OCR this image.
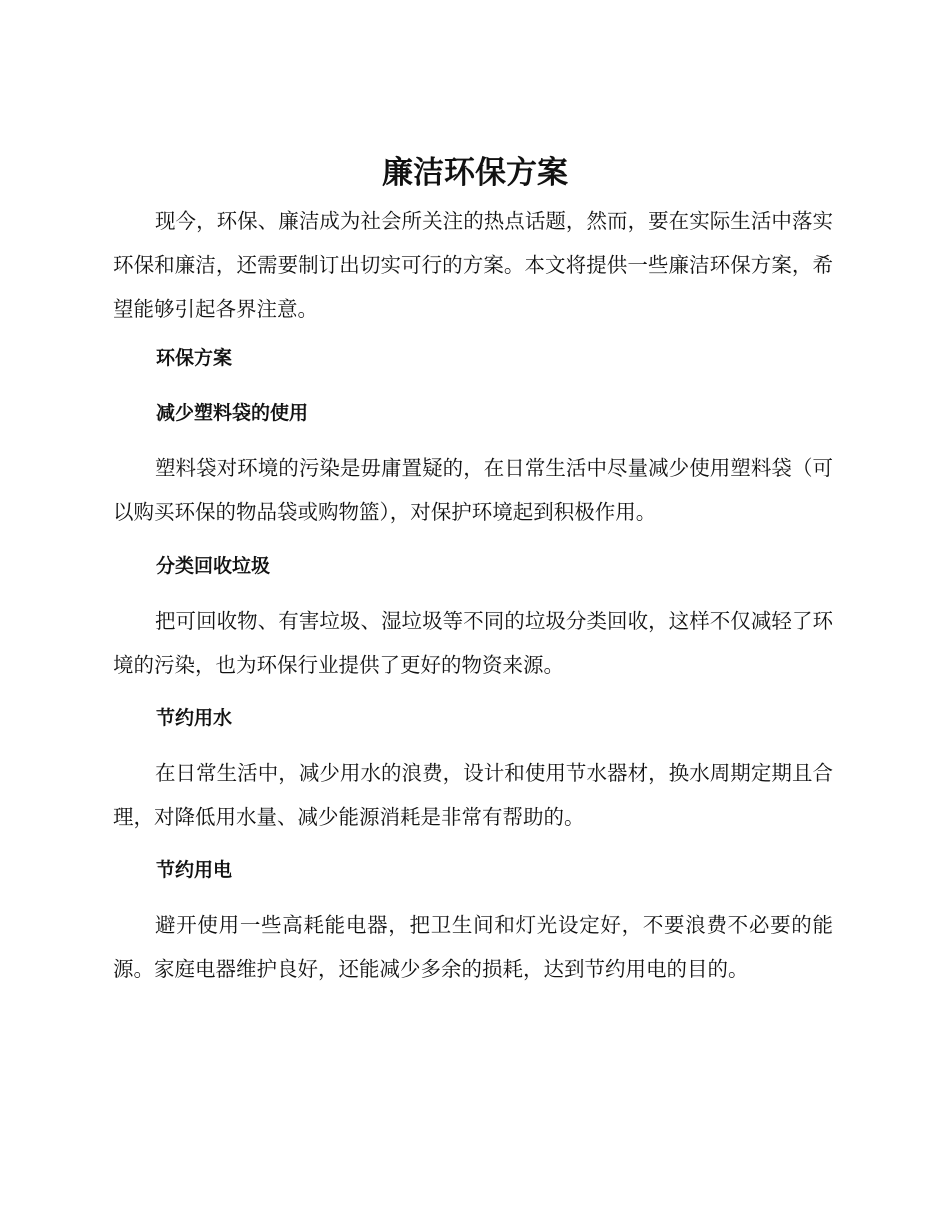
廉洁环保方案

现今，环保、廉洁成为社会所关注的热点话题，然而，要在实际生活中落实环保和廉洁，还需要制订出切实可行的方案。本文将提供一些廉洁环保方案，希望能够引起各界注意。

环保方案
减少塑料袋的使用

塑料袋对环境的污染是毋庸置疑的，在日常生活中尽量减少使用塑料袋（可以购买环保的物品袋或购物篮），对保护环境起到积极作用。

分类回收垃圾

把可回收物、有害垃圾、湿垃圾等不同的垃圾分类回收，这样不仅减轻了环境的污染，也为环保行业提供了更好的物资来源。

节约用水

在日常生活中，减少用水的浪费，设计和使用节水器材，换水周期定期且合理，对降低用水量、减少能源消耗是非常有帮助的。

节约用电

避开使用一些高耗能电器，把卫生间和灯光设定好，不要浪费不必要的能源。家庭电器维护良好，还能减少多余的损耗，达到节约用电的目的。
